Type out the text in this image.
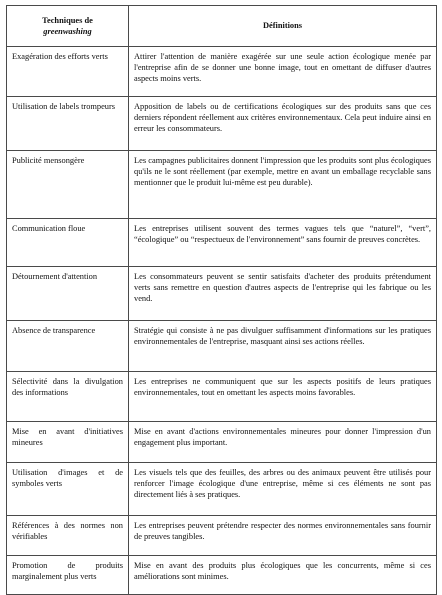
Techniques de
greenwashing	Définitions
Exagération des efforts verts	Attirer l'attention de manière exagérée sur une seule action écologique menée par l'entreprise afin de se donner une bonne image, tout en omettant de diffuser d'autres aspects moins verts.
Utilisation de labels trompeurs	Apposition de labels ou de certifications écologiques sur des produits sans que ces derniers répondent réellement aux critères environnementaux. Cela peut induire ainsi en erreur les consommateurs.
Publicité mensongère	Les campagnes publicitaires donnent l'impression que les produits sont plus écologiques qu'ils ne le sont réellement (par exemple, mettre en avant un emballage recyclable sans mentionner que le produit lui-même est peu durable).
Communication floue	Les entreprises utilisent souvent des termes vagues tels que “naturel”, “vert”, “écologique” ou “respectueux de l'environnement” sans fournir de preuves concrètes.
Détournement d'attention	Les consommateurs peuvent se sentir satisfaits d'acheter des produits prétendument verts sans remettre en question d'autres aspects de l'entreprise qui les fabrique ou les vend.
Absence de transparence	Stratégie qui consiste à ne pas divulguer suffisamment d'informations sur les pratiques environnementales de l'entreprise, masquant ainsi ses actions réelles.
Sélectivité dans la divulgation des informations	Les entreprises ne communiquent que sur les aspects positifs de leurs pratiques environnementales, tout en omettant les aspects moins favorables.
Mise en avant d'initiatives mineures	Mise en avant d'actions environnementales mineures pour donner l'impression d'un engagement plus important.
Utilisation d'images et de symboles verts	Les visuels tels que des feuilles, des arbres ou des animaux peuvent être utilisés pour renforcer l'image écologique d'une entreprise, même si ces éléments ne sont pas directement liés à ses pratiques.
Références à des normes non vérifiables	Les entreprises peuvent prétendre respecter des normes environnementales sans fournir de preuves tangibles.
Promotion de produits marginalement plus verts	Mise en avant des produits plus écologiques que les concurrents, même si ces améliorations sont minimes.
